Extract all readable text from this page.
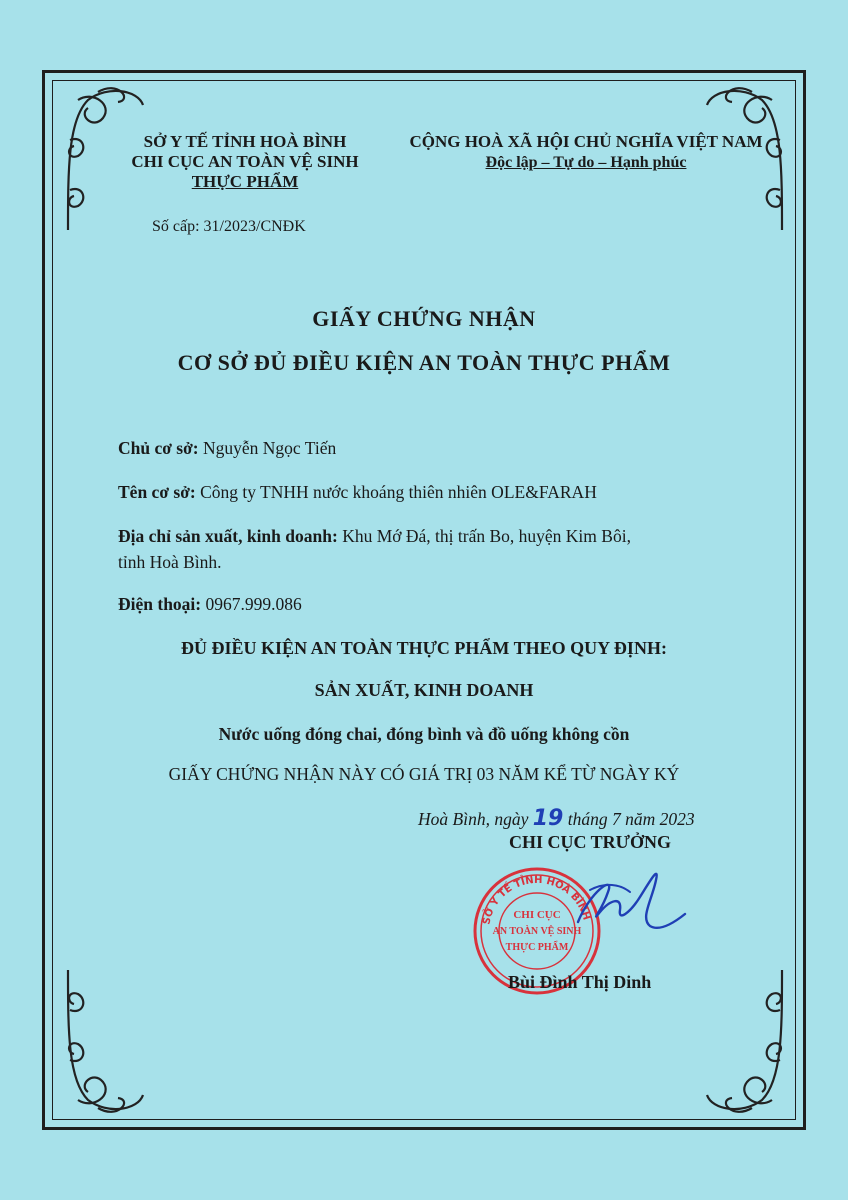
SỞ Y TẾ TỈNH HOÀ BÌNH
CHI CỤC AN TOÀN VỆ SINH
THỰC PHẨM
Số cấp: 31/2023/CNĐK
CỘNG HOÀ XÃ HỘI CHỦ NGHĨA VIỆT NAM
Độc lập – Tự do – Hạnh phúc
GIẤY CHỨNG NHẬN
CƠ SỞ ĐỦ ĐIỀU KIỆN AN TOÀN THỰC PHẨM
Chủ cơ sở: Nguyễn Ngọc Tiến
Tên cơ sở: Công ty TNHH nước khoáng thiên nhiên OLE&FARAH
Địa chỉ sản xuất, kinh doanh: Khu Mớ Đá, thị trấn Bo, huyện Kim Bôi,
tỉnh Hoà Bình.
Điện thoại: 0967.999.086
ĐỦ ĐIỀU KIỆN AN TOÀN THỰC PHẨM THEO QUY ĐỊNH:
SẢN XUẤT, KINH DOANH
Nước uống đóng chai, đóng bình và đồ uống không cồn
GIẤY CHỨNG NHẬN NÀY CÓ GIÁ TRỊ 03 NĂM KỂ TỪ NGÀY KÝ
Hoà Bình, ngày 19 tháng 7 năm 2023
CHI CỤC TRƯỞNG
SỞ Y TẾ TỈNH HOÀ BÌNH
CHI CỤC
AN TOÀN VỆ SINH
THỰC PHẨM
Bùi Đình Thị Dinh
